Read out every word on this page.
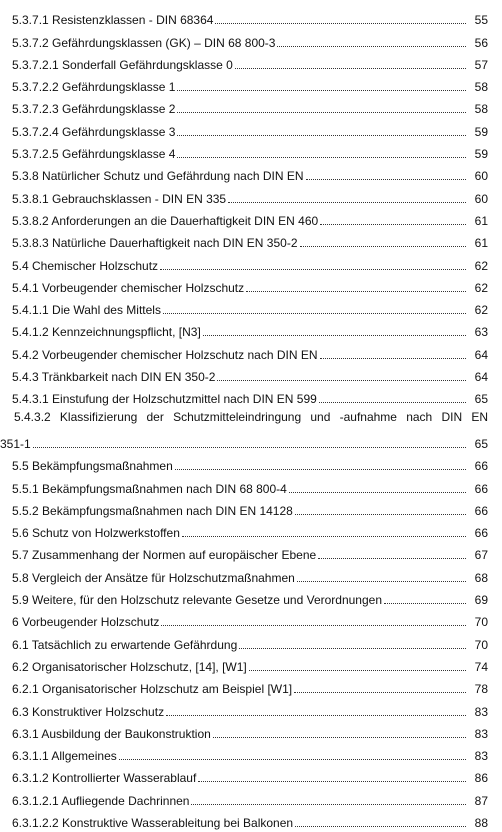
5.3.7.1 Resistenzklassen - DIN 68364	55
5.3.7.2 Gefährdungsklassen (GK) – DIN 68 800-3	56
5.3.7.2.1 Sonderfall Gefährdungsklasse 0	57
5.3.7.2.2 Gefährdungsklasse 1	58
5.3.7.2.3 Gefährdungsklasse 2	58
5.3.7.2.4 Gefährdungsklasse 3	59
5.3.7.2.5 Gefährdungsklasse 4	59
5.3.8 Natürlicher Schutz und Gefährdung nach DIN EN	60
5.3.8.1 Gebrauchsklassen - DIN EN 335	60
5.3.8.2 Anforderungen an die Dauerhaftigkeit DIN EN 460	61
5.3.8.3 Natürliche Dauerhaftigkeit nach DIN EN 350-2	61
5.4 Chemischer Holzschutz	62
5.4.1 Vorbeugender chemischer Holzschutz	62
5.4.1.1 Die Wahl des Mittels	62
5.4.1.2 Kennzeichnungspflicht, [N3]	63
5.4.2 Vorbeugender chemischer Holzschutz nach DIN EN	64
5.4.3 Tränkbarkeit nach DIN EN 350-2	64
5.4.3.1 Einstufung der Holzschutzmittel nach DIN EN 599	65
5.4.3.2 Klassifizierung der Schutzmitteleindringung und -aufnahme nach DIN EN
351-1	65
5.5 Bekämpfungsmaßnahmen	66
5.5.1 Bekämpfungsmaßnahmen nach DIN 68 800-4	66
5.5.2 Bekämpfungsmaßnahmen nach DIN EN 14128	66
5.6 Schutz von Holzwerkstoffen	66
5.7 Zusammenhang der Normen auf europäischer Ebene	67
5.8 Vergleich der Ansätze für Holzschutzmaßnahmen	68
5.9 Weitere, für den Holzschutz relevante Gesetze und Verordnungen	69
6 Vorbeugender Holzschutz	70
6.1 Tatsächlich zu erwartende Gefährdung	70
6.2 Organisatorischer Holzschutz, [14], [W1]	74
6.2.1 Organisatorischer Holzschutz am Beispiel [W1]	78
6.3 Konstruktiver Holzschutz	83
6.3.1 Ausbildung der Baukonstruktion	83
6.3.1.1 Allgemeines	83
6.3.1.2 Kontrollierter Wasserablauf	86
6.3.1.2.1 Aufliegende Dachrinnen	87
6.3.1.2.2 Konstruktive Wasserableitung bei Balkonen	88
